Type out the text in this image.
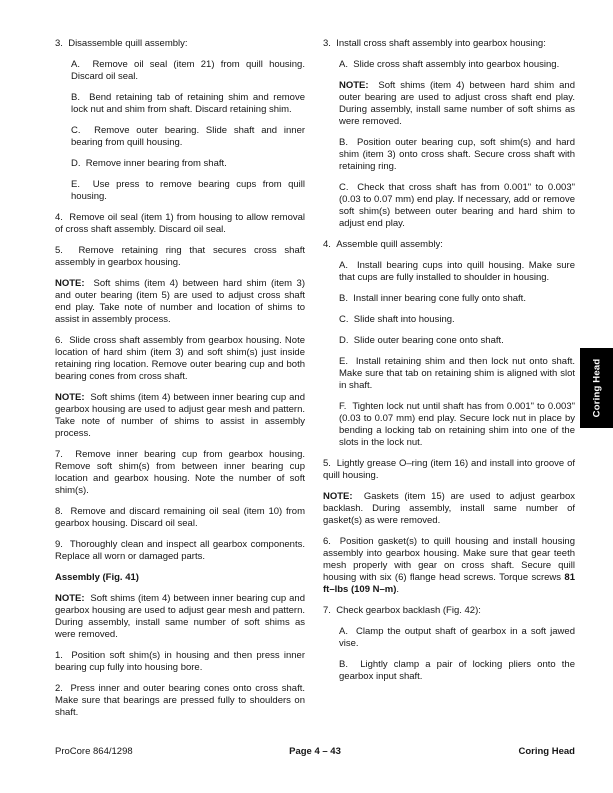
3.  Disassemble quill assembly:

A.  Remove oil seal (item 21) from quill housing. Discard oil seal.

B.  Bend retaining tab of retaining shim and remove lock nut and shim from shaft. Discard retaining shim.

C.  Remove outer bearing. Slide shaft and inner bearing from quill housing.

D.  Remove inner bearing from shaft.

E.  Use press to remove bearing cups from quill housing.

4.  Remove oil seal (item 1) from housing to allow removal of cross shaft assembly. Discard oil seal.

5.  Remove retaining ring that secures cross shaft assembly in gearbox housing.

NOTE:  Soft shims (item 4) between hard shim (item 3) and outer bearing (item 5) are used to adjust cross shaft end play. Take note of number and location of shims to assist in assembly process.

6.  Slide cross shaft assembly from gearbox housing. Note location of hard shim (item 3) and soft shim(s) just inside retaining ring location. Remove outer bearing cup and both bearing cones from cross shaft.

NOTE:  Soft shims (item 4) between inner bearing cup and gearbox housing are used to adjust gear mesh and pattern. Take note of number of shims to assist in assembly process.

7.  Remove inner bearing cup from gearbox housing. Remove soft shim(s) from between inner bearing cup location and gearbox housing. Note the number of soft shim(s).

8.  Remove and discard remaining oil seal (item 10) from gearbox housing. Discard oil seal.

9.  Thoroughly clean and inspect all gearbox components. Replace all worn or damaged parts.

Assembly (Fig. 41)

NOTE:  Soft shims (item 4) between inner bearing cup and gearbox housing are used to adjust gear mesh and pattern. During assembly, install same number of soft shims as were removed.

1.  Position soft shim(s) in housing and then press inner bearing cup fully into housing bore.

2.  Press inner and outer bearing cones onto cross shaft. Make sure that bearings are pressed fully to shoulders on shaft.

3.  Install cross shaft assembly into gearbox housing:

A.  Slide cross shaft assembly into gearbox housing.

NOTE:  Soft shims (item 4) between hard shim and outer bearing are used to adjust cross shaft end play. During assembly, install same number of soft shims as were removed.

B.  Position outer bearing cup, soft shim(s) and hard shim (item 3) onto cross shaft. Secure cross shaft with retaining ring.

C.  Check that cross shaft has from 0.001" to 0.003" (0.03 to 0.07 mm) end play. If necessary, add or remove soft shim(s) between outer bearing and hard shim to adjust end play.

4.  Assemble quill assembly:

A.  Install bearing cups into quill housing. Make sure that cups are fully installed to shoulder in housing.

B.  Install inner bearing cone fully onto shaft.

C.  Slide shaft into housing.

D.  Slide outer bearing cone onto shaft.

E.  Install retaining shim and then lock nut onto shaft. Make sure that tab on retaining shim is aligned with slot in shaft.

F.  Tighten lock nut until shaft has from 0.001" to 0.003" (0.03 to 0.07 mm) end play. Secure lock nut in place by bending a locking tab on retaining shim into one of the slots in the lock nut.

5.  Lightly grease O–ring (item 16) and install into groove of quill housing.

NOTE:  Gaskets (item 15) are used to adjust gearbox backlash. During assembly, install same number of gasket(s) as were removed.

6.  Position gasket(s) to quill housing and install housing assembly into gearbox housing. Make sure that gear teeth mesh properly with gear on cross shaft. Secure quill housing with six (6) flange head screws. Torque screws 81 ft–lbs (109 N–m).

7.  Check gearbox backlash (Fig. 42):

A.  Clamp the output shaft of gearbox in a soft jawed vise.

B.  Lightly clamp a pair of locking pliers onto the gearbox input shaft.

Coring Head
ProCore 864/1298	Page 4 – 43	Coring Head
